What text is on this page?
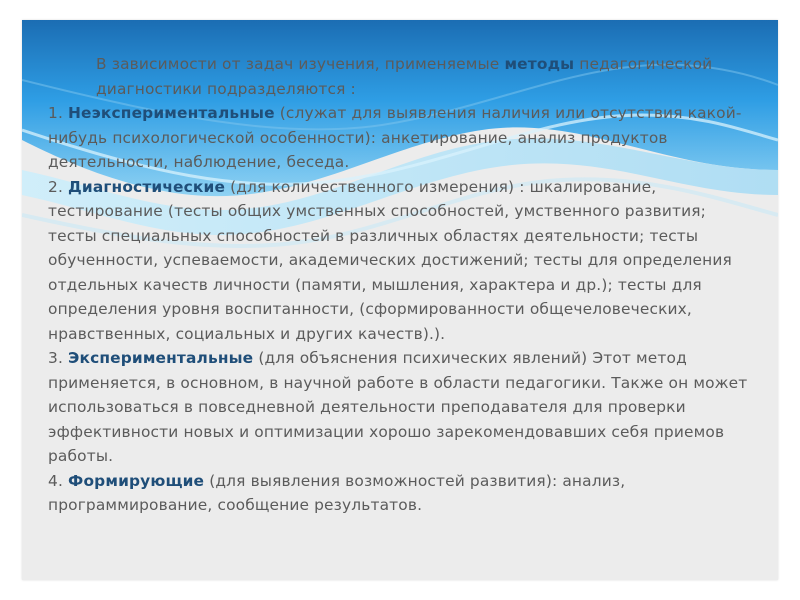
В зависимости от задач изучения, применяемые методы педагогической диагностики подразделяются :

1. Неэкспериментальные (служат для выявления наличия или отсутствия какой-нибудь психологической особенности): анкетирование, анализ продуктов деятельности, наблюдение, беседа.

2. Диагностические (для количественного измерения) : шкалирование, тестирование (тесты общих умственных способностей, умственного развития; тесты специальных способностей в различных областях деятельности; тесты обученности, успеваемости, академических достижений; тесты для определения отдельных качеств личности (памяти, мышления, характера и др.); тесты для определения уровня воспитанности, (сформированности общечеловеческих, нравственных, социальных и других качеств).).

3. Экспериментальные (для объяснения психических явлений) Этот метод применяется, в основном, в научной работе в области педагогики. Также он может использоваться в повседневной деятельности преподавателя для проверки эффективности новых и оптимизации хорошо зарекомендовавших себя приемов работы.

4. Формирующие (для выявления возможностей развития): анализ, программирование, сообщение результатов.
